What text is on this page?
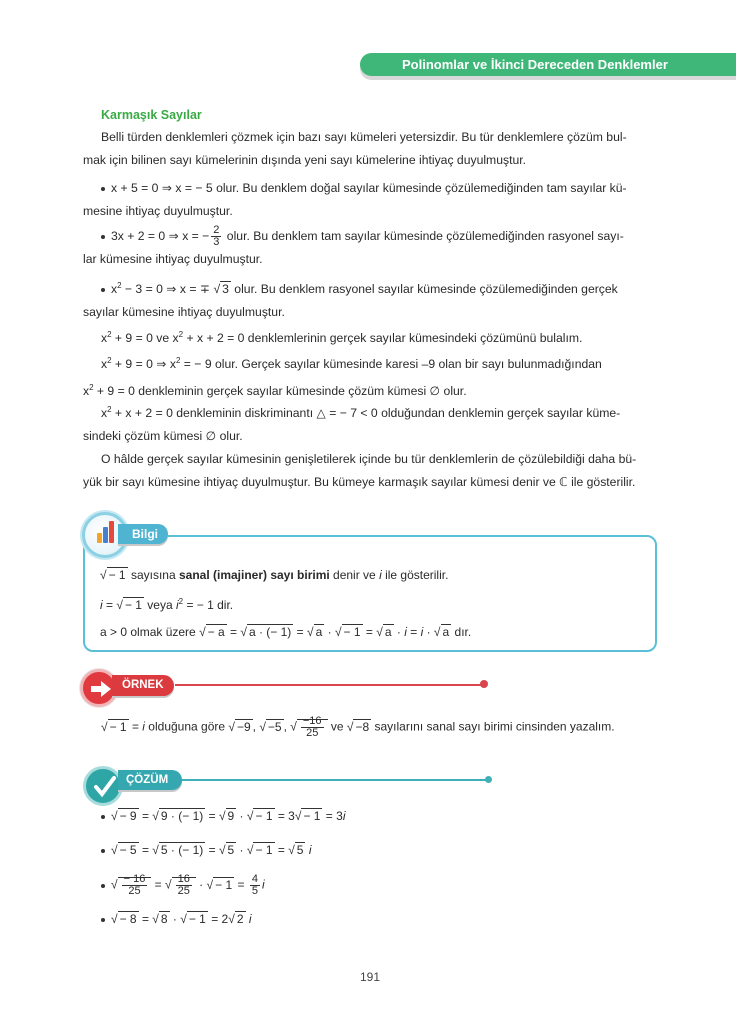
Polinomlar ve İkinci Dereceden Denklemler
Karmaşık Sayılar
Belli türden denklemleri çözmek için bazı sayı kümeleri yetersizdir. Bu tür denklemlere çözüm bul-
mak için bilinen sayı kümelerinin dışında yeni sayı kümelerine ihtiyaç duyulmuştur.
x + 5 = 0 ⇒ x = − 5 olur. Bu denklem doğal sayılar kümesinde çözülemediğinden tam sayılar kü-
mesine ihtiyaç duyulmuştur.
3x + 2 = 0 ⇒ x = − $\frac{2}{3}$ olur. Bu denklem tam sayılar kümesinde çözülemediğinden rasyonel sayı-
lar kümesine ihtiyaç duyulmuştur.
$x^2 - 3 = 0$ ⇒ x = ∓ √ 3 olur. Bu denklem rasyonel sayılar kümesinde çözülemediğinden gerçek
sayılar kümesine ihtiyaç duyulmuştur.
$x^2 + 9 = 0$ ve $x^2 + x + 2 = 0$ denklemlerinin gerçek sayılar kümesindeki çözümünü bulalım.
$x^2 + 9 = 0$ ⇒ $x^2$ = − 9 olur. Gerçek sayılar kümesinde karesi –9 olan bir sayı bulunmadığından
$x^2 + 9 = 0$ denkleminin gerçek sayılar kümesinde çözüm kümesi ∅ olur.
$x^2 + x + 2 = 0$ denkleminin diskriminantı △ = − 7 < 0 olduğundan denklemin gerçek sayılar küme-
sindeki çözüm kümesi ∅ olur.
O hâlde gerçek sayılar kümesinin genişletilerek içinde bu tür denklemlerin de çözülebildiği daha bü-
yük bir sayı kümesine ihtiyaç duyulmuştur. Bu kümeye karmaşık sayılar kümesi denir ve ℂ ile gösterilir.
Bilgi
√ − 1 sayısına sanal (imajiner) sayı birimi denir ve i ile gösterilir.
i = √ − 1 veya $i^2$ = − 1 dir.
a > 0 olmak üzere √ − a = √ a · (− 1) = √ a · √ − 1 = √ a · i = i · √ a dır.
ÖRNEK
√ − 1 = i olduğuna göre √ −9 , √ −5 , √ $\frac{-16}{25}$ ve √ −8 sayılarını sanal sayı birimi cinsinden yazalım.
ÇÖZÜM
√ − 9 = √ 9 · (− 1) = √ 9 · √ − 1 = 3√ − 1 = 3i
√ − 5 = √ 5 · (− 1) = √ 5 · √ − 1 = √ 5 i
√ $\frac{- 16}{25}$ = √ $\frac{16}{25}$ · √ − $1 = \frac{4}{5}$ i
√ − 8 = √ 8 · √ − 1 = 2√ 2 i
191
